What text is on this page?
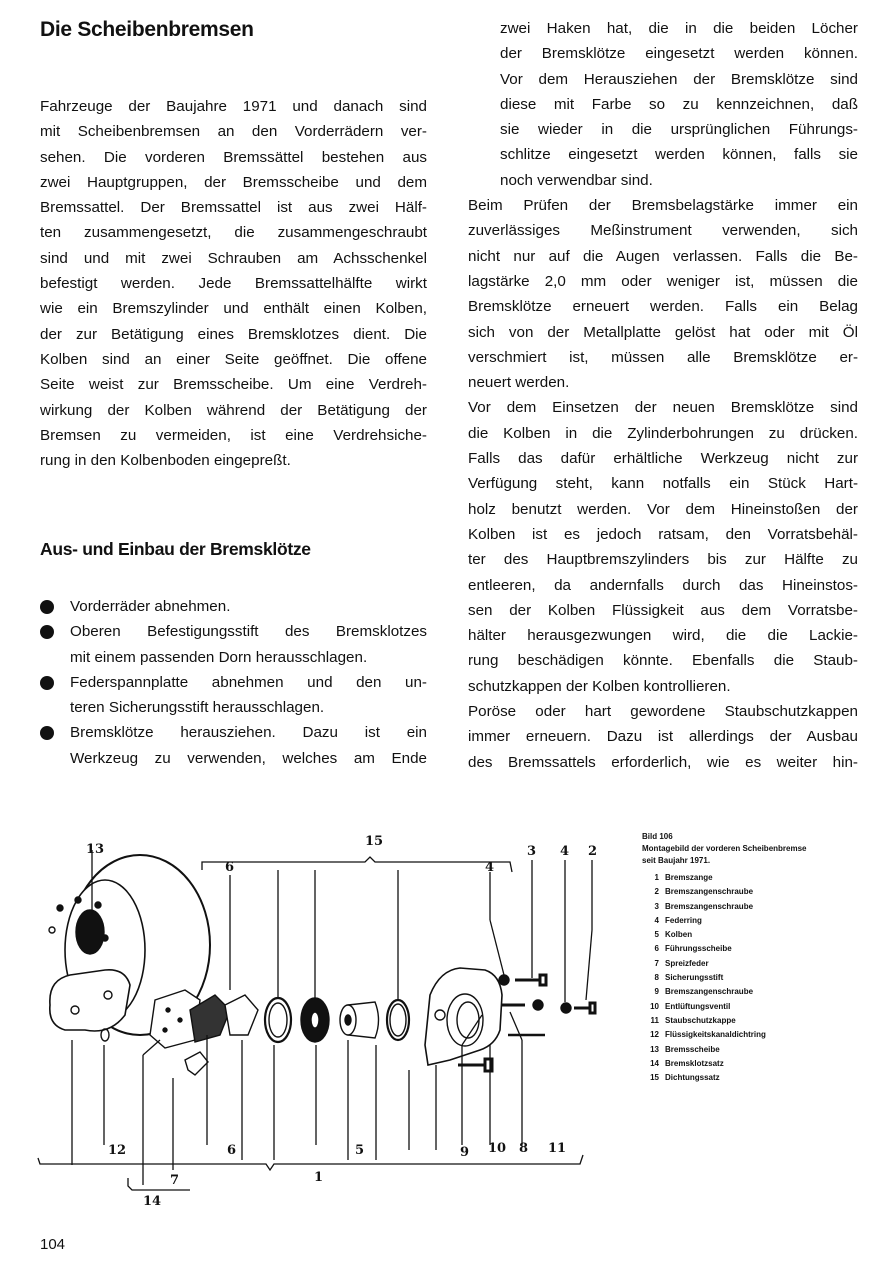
Die Scheibenbremsen

Fahrzeuge der Baujahre 1971 und danach sind
mit Scheibenbremsen an den Vorderrädern ver-
sehen. Die vorderen Bremssättel bestehen aus
zwei Hauptgruppen, der Bremsscheibe und dem
Bremssattel. Der Bremssattel ist aus zwei Hälf-
ten zusammengesetzt, die zusammengeschraubt
sind und mit zwei Schrauben am Achsschenkel
befestigt werden. Jede Bremssattelhälfte wirkt
wie ein Bremszylinder und enthält einen Kolben,
der zur Betätigung eines Bremsklotzes dient. Die
Kolben sind an einer Seite geöffnet. Die offene
Seite weist zur Bremsscheibe. Um eine Verdreh-
wirkung der Kolben während der Betätigung der
Bremsen zu vermeiden, ist eine Verdrehsiche-
rung in den Kolbenboden eingepreßt.

Aus- und Einbau der Bremsklötze
Vorderräder abnehmen.
Oberen Befestigungsstift des Bremsklotzes
mit einem passenden Dorn herausschlagen.
Federspannplatte abnehmen und den un-
teren Sicherungsstift herausschlagen.
Bremsklötze herausziehen. Dazu ist ein
Werkzeug zu verwenden, welches am Ende

zwei Haken hat, die in die beiden Löcher
der Bremsklötze eingesetzt werden können.
Vor dem Herausziehen der Bremsklötze sind
diese mit Farbe so zu kennzeichnen, daß
sie wieder in die ursprünglichen Führungs-
schlitze eingesetzt werden können, falls sie
noch verwendbar sind.

Beim Prüfen der Bremsbelagstärke immer ein
zuverlässiges Meßinstrument verwenden, sich
nicht nur auf die Augen verlassen. Falls die Be-
lagstärke 2,0 mm oder weniger ist, müssen die
Bremsklötze erneuert werden. Falls ein Belag
sich von der Metallplatte gelöst hat oder mit Öl
verschmiert ist, müssen alle Bremsklötze er-
neuert werden.

Vor dem Einsetzen der neuen Bremsklötze sind
die Kolben in die Zylinderbohrungen zu drücken.
Falls das dafür erhältliche Werkzeug nicht zur
Verfügung steht, kann notfalls ein Stück Hart-
holz benutzt werden. Vor dem Hineinstoßen der
Kolben ist es jedoch ratsam, den Vorratsbehäl-
ter des Hauptbremszylinders bis zur Hälfte zu
entleeren, da andernfalls durch das Hineinstos-
sen der Kolben Flüssigkeit aus dem Vorratsbe-
hälter herausgezwungen wird, die die Lackie-
rung beschädigen könnte. Ebenfalls die Staub-
schutzkappen der Kolben kontrollieren.

Poröse oder hart gewordene Staubschutzkappen
immer erneuern. Dazu ist allerdings der Ausbau
des Bremssattels erforderlich, wie es weiter hin-

13
15
6	4
3 4 2
12	6	5	9 10 8 11
7	1
14
Bild 106
Montagebild der vorderen Scheibenbremse
seit Baujahr 1971.
1 Bremszange
2 Bremszangenschraube
3 Bremszangenschraube
4 Federring
5 Kolben
6 Führungsscheibe
7 Spreizfeder
8 Sicherungsstift
9 Bremszangenschraube
10 Entlüftungsventil
11 Staubschutzkappe
12 Flüssigkeitskanaldichtring
13 Bremsscheibe
14 Bremsklotzsatz
15 Dichtungssatz
104
